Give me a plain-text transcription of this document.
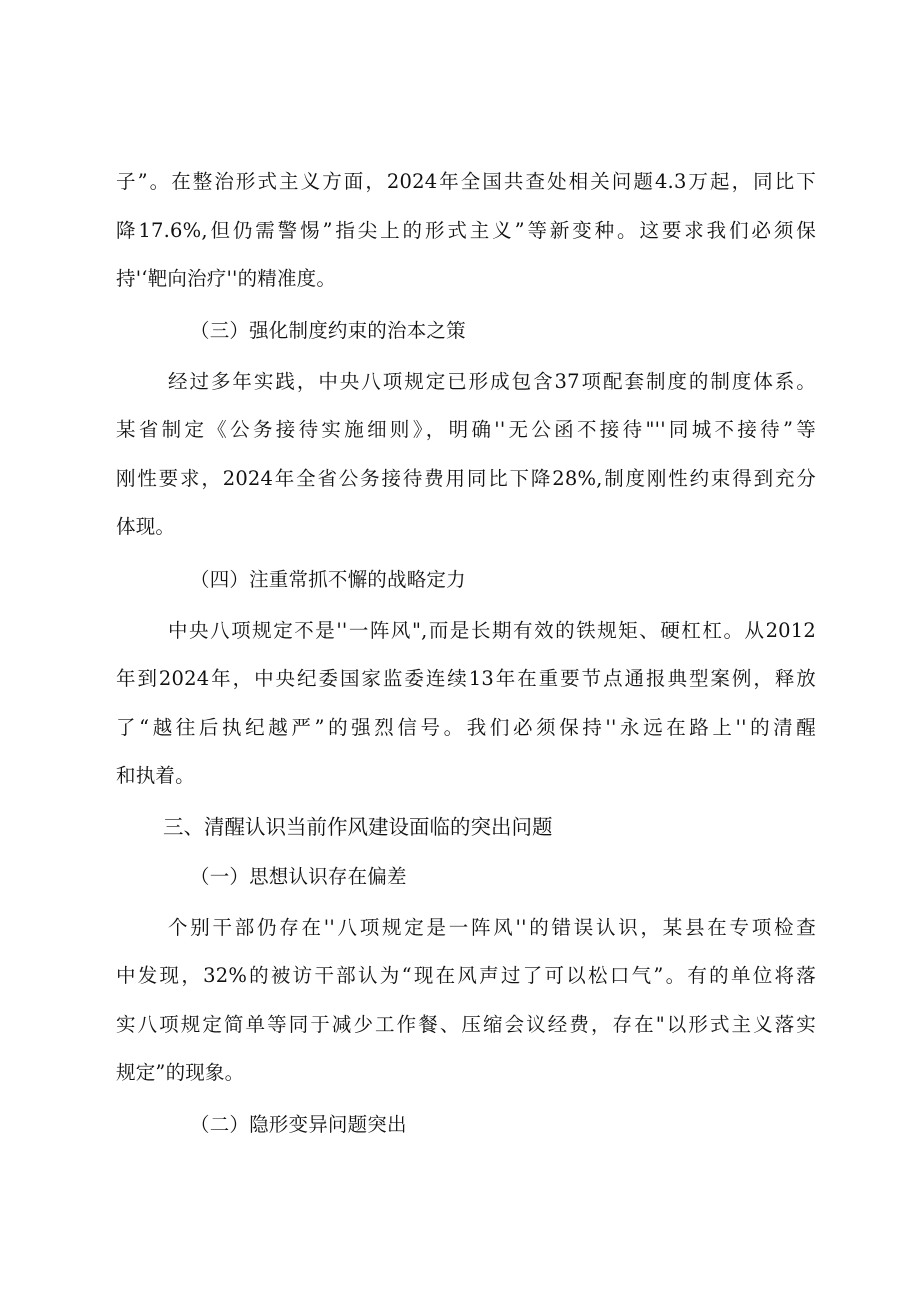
子”。在整治形式主义方面，2024年全国共查处相关问题4.3万起，同比下
降17.6%,但仍需警惕”指尖上的形式主义”等新变种。这要求我们必须保
持'‘靶向治疗''的精准度。
（三）强化制度约束的治本之策
经过多年实践，中央八项规定已形成包含37项配套制度的制度体系。
某省制定《公务接待实施细则》，明确''无公函不接待"''同城不接待”等
刚性要求，2024年全省公务接待费用同比下降28%,制度刚性约束得到充分
体现。
（四）注重常抓不懈的战略定力
中央八项规定不是''一阵风",而是长期有效的铁规矩、硬杠杠。从2012
年到2024年，中央纪委国家监委连续13年在重要节点通报典型案例，释放
了“越往后执纪越严”的强烈信号。我们必须保持''永远在路上''的清醒
和执着。
三、清醒认识当前作风建设面临的突出问题
（一）思想认识存在偏差
个别干部仍存在''八项规定是一阵风''的错误认识，某县在专项检查
中发现，32%的被访干部认为“现在风声过了可以松口气”。有的单位将落
实八项规定简单等同于减少工作餐、压缩会议经费，存在"以形式主义落实
规定”的现象。
（二）隐形变异问题突出
